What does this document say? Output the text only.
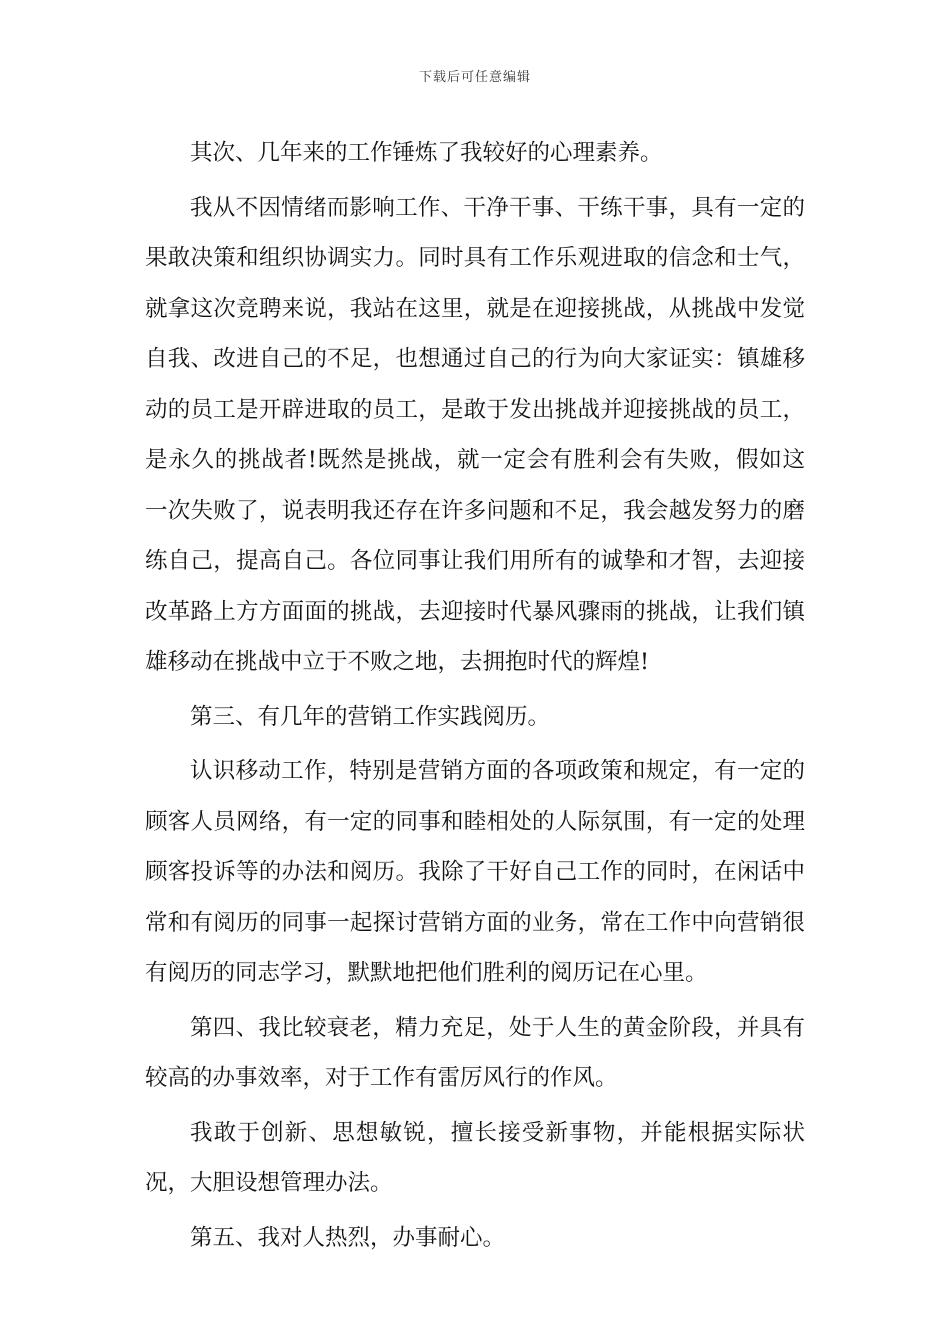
下载后可任意编辑

其次、几年来的工作锤炼了我较好的心理素养。

我从不因情绪而影响工作、干净干事、干练干事，具有一定的果敢决策和组织协调实力。同时具有工作乐观进取的信念和士气，就拿这次竞聘来说，我站在这里，就是在迎接挑战，从挑战中发觉自我、改进自己的不足，也想通过自己的行为向大家证实：镇雄移动的员工是开辟进取的员工，是敢于发出挑战并迎接挑战的员工，是永久的挑战者!既然是挑战，就一定会有胜利会有失败，假如这一次失败了，说表明我还存在许多问题和不足，我会越发努力的磨练自己，提高自己。各位同事让我们用所有的诚挚和才智，去迎接改革路上方方面面的挑战，去迎接时代暴风骤雨的挑战，让我们镇雄移动在挑战中立于不败之地，去拥抱时代的辉煌!

第三、有几年的营销工作实践阅历。

认识移动工作，特别是营销方面的各项政策和规定，有一定的顾客人员网络，有一定的同事和睦相处的人际氛围，有一定的处理顾客投诉等的办法和阅历。我除了干好自己工作的同时，在闲话中常和有阅历的同事一起探讨营销方面的业务，常在工作中向营销很有阅历的同志学习，默默地把他们胜利的阅历记在心里。

第四、我比较衰老，精力充足，处于人生的黄金阶段，并具有较高的办事效率，对于工作有雷厉风行的作风。

我敢于创新、思想敏锐，擅长接受新事物，并能根据实际状况，大胆设想管理办法。

第五、我对人热烈，办事耐心。
